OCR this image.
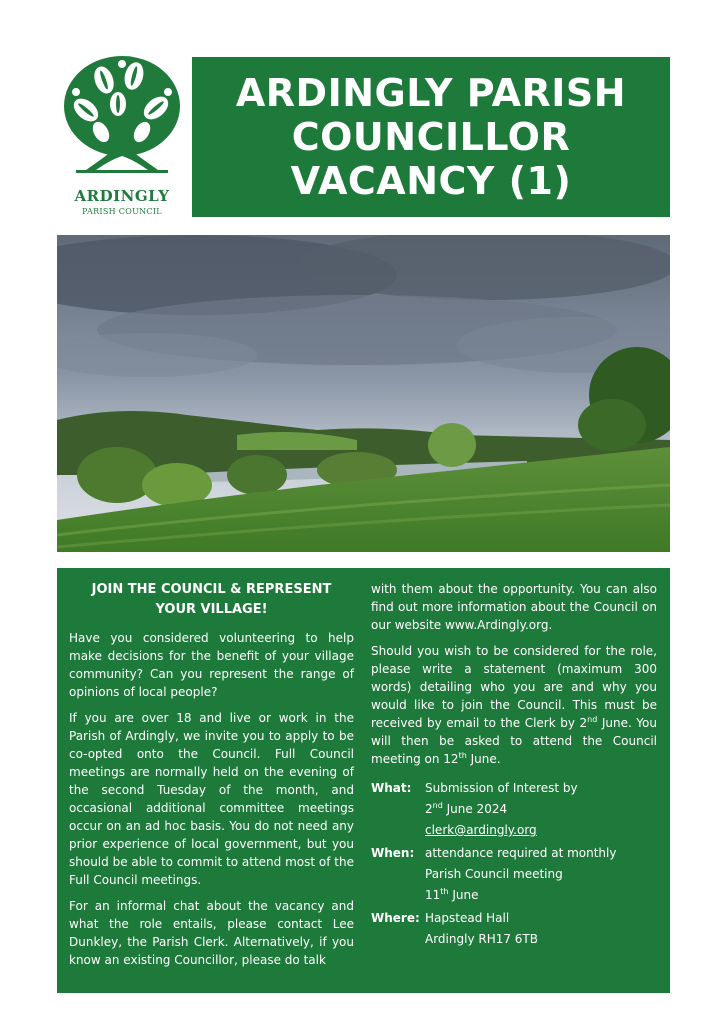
ARDINGLY
PARISH COUNCIL
ARDINGLY PARISH
COUNCILLOR
VACANCY (1)
JOIN THE COUNCIL & REPRESENT
YOUR VILLAGE!

Have you considered volunteering to help make decisions for the benefit of your village community? Can you represent the range of opinions of local people?

If you are over 18 and live or work in the Parish of Ardingly, we invite you to apply to be co-opted onto the Council. Full Council meetings are normally held on the evening of the second Tuesday of the month, and occasional additional committee meetings occur on an ad hoc basis. You do not need any prior experience of local government, but you should be able to commit to attend most of the Full Council meetings.

For an informal chat about the vacancy and what the role entails, please contact Lee Dunkley, the Parish Clerk. Alternatively, if you know an existing Councillor, please do talk

with them about the opportunity. You can also find out more information about the Council on our website www.Ardingly.org.

Should you wish to be considered for the role, please write a statement (maximum 300 words) detailing who you are and why you would like to join the Council. This must be received by email to the Clerk by 2nd June. You will then be asked to attend the Council meeting on 12th June.

What:	Submission of Interest by
2nd June 2024
clerk@ardingly.org
When: attendance required at monthly
Parish Council meeting
11th June
Where: Hapstead Hall
Ardingly RH17 6TB
